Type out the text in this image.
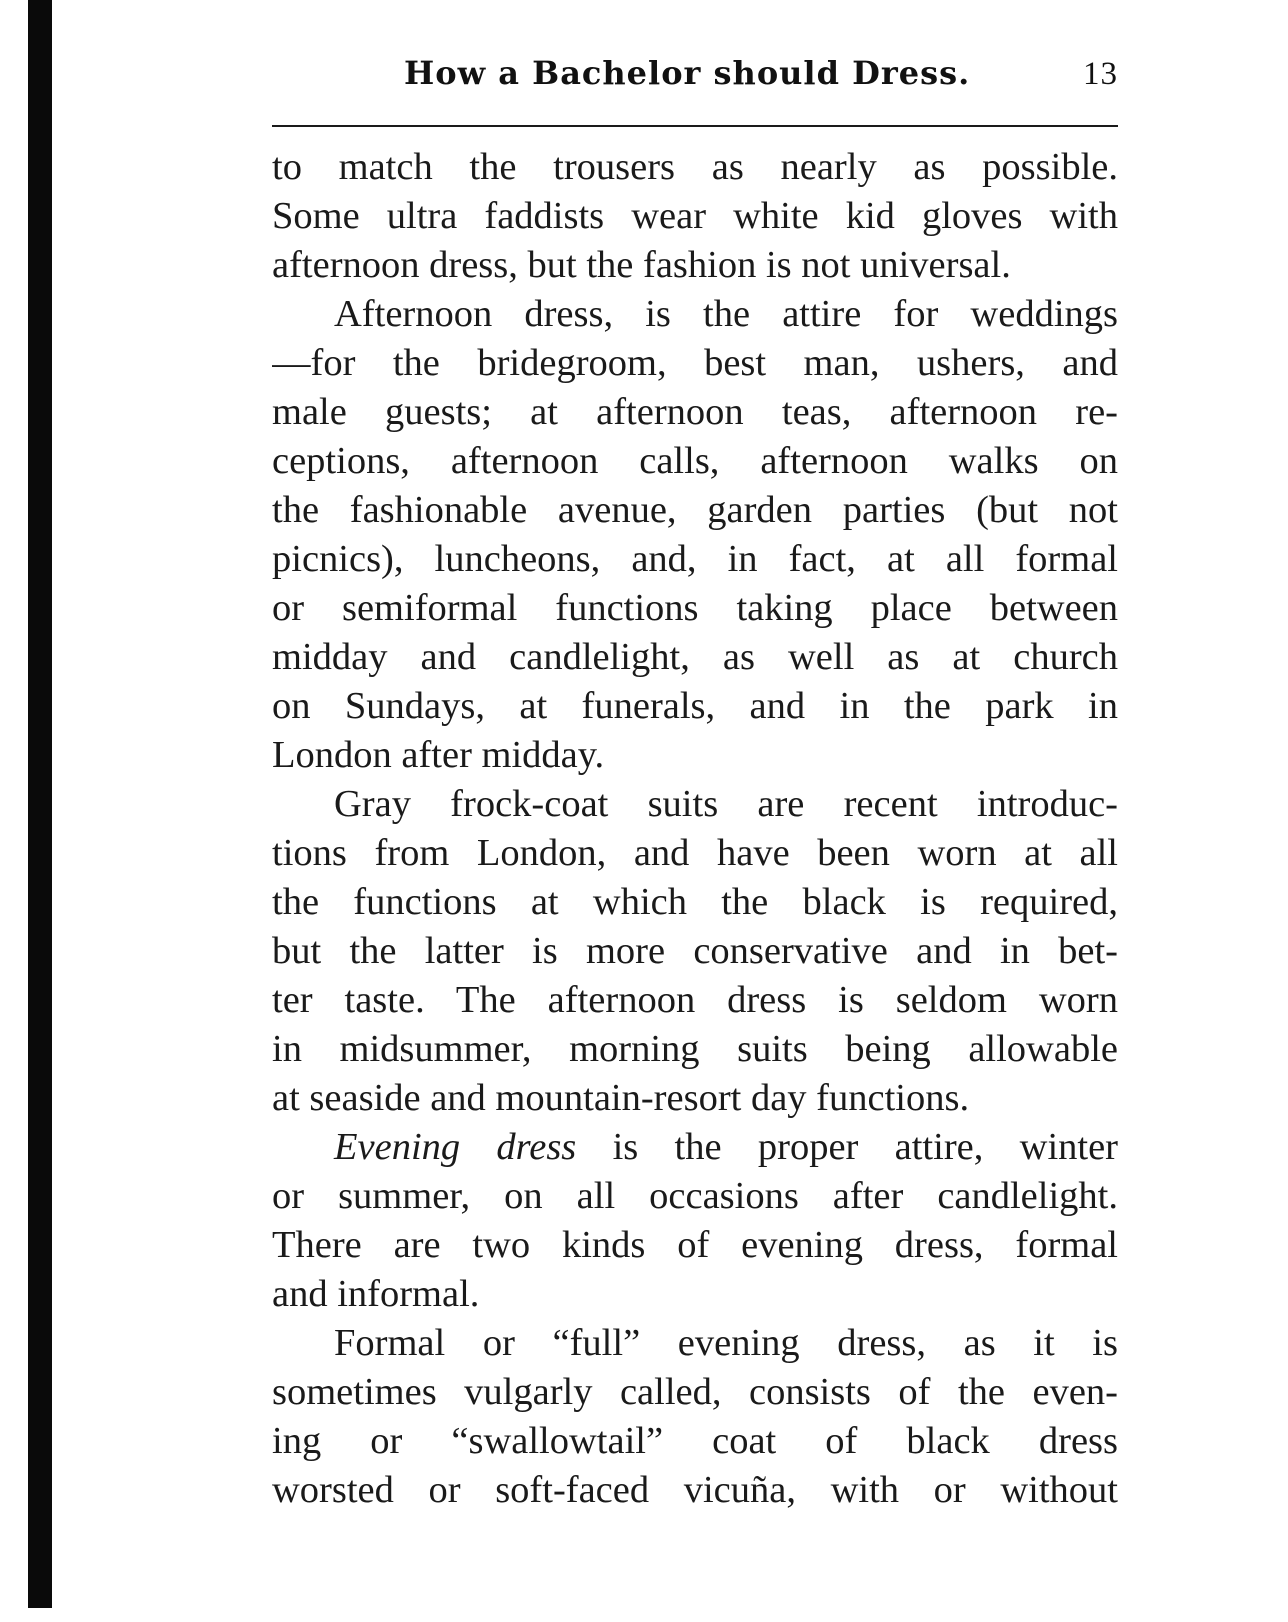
How a Bachelor should Dress.	13
to match the trousers as nearly as possible.
Some ultra faddists wear white kid gloves with
afternoon dress, but the fashion is not universal.
Afternoon dress, is the attire for weddings
—for the bridegroom, best man, ushers, and
male guests; at afternoon teas, afternoon re-
ceptions, afternoon calls, afternoon walks on
the fashionable avenue, garden parties (but not
picnics), luncheons, and, in fact, at all formal
or semiformal functions taking place between
midday and candlelight, as well as at church
on Sundays, at funerals, and in the park in
London after midday.
Gray frock-coat suits are recent introduc-
tions from London, and have been worn at all
the functions at which the black is required,
but the latter is more conservative and in bet-
ter taste. The afternoon dress is seldom worn
in midsummer, morning suits being allowable
at seaside and mountain-resort day functions.
Evening dress is the proper attire, winter
or summer, on all occasions after candlelight.
There are two kinds of evening dress, formal
and informal.
Formal or “full” evening dress, as it is
sometimes vulgarly called, consists of the even-
ing or “swallowtail” coat of black dress
worsted or soft-faced vicuña, with or without
